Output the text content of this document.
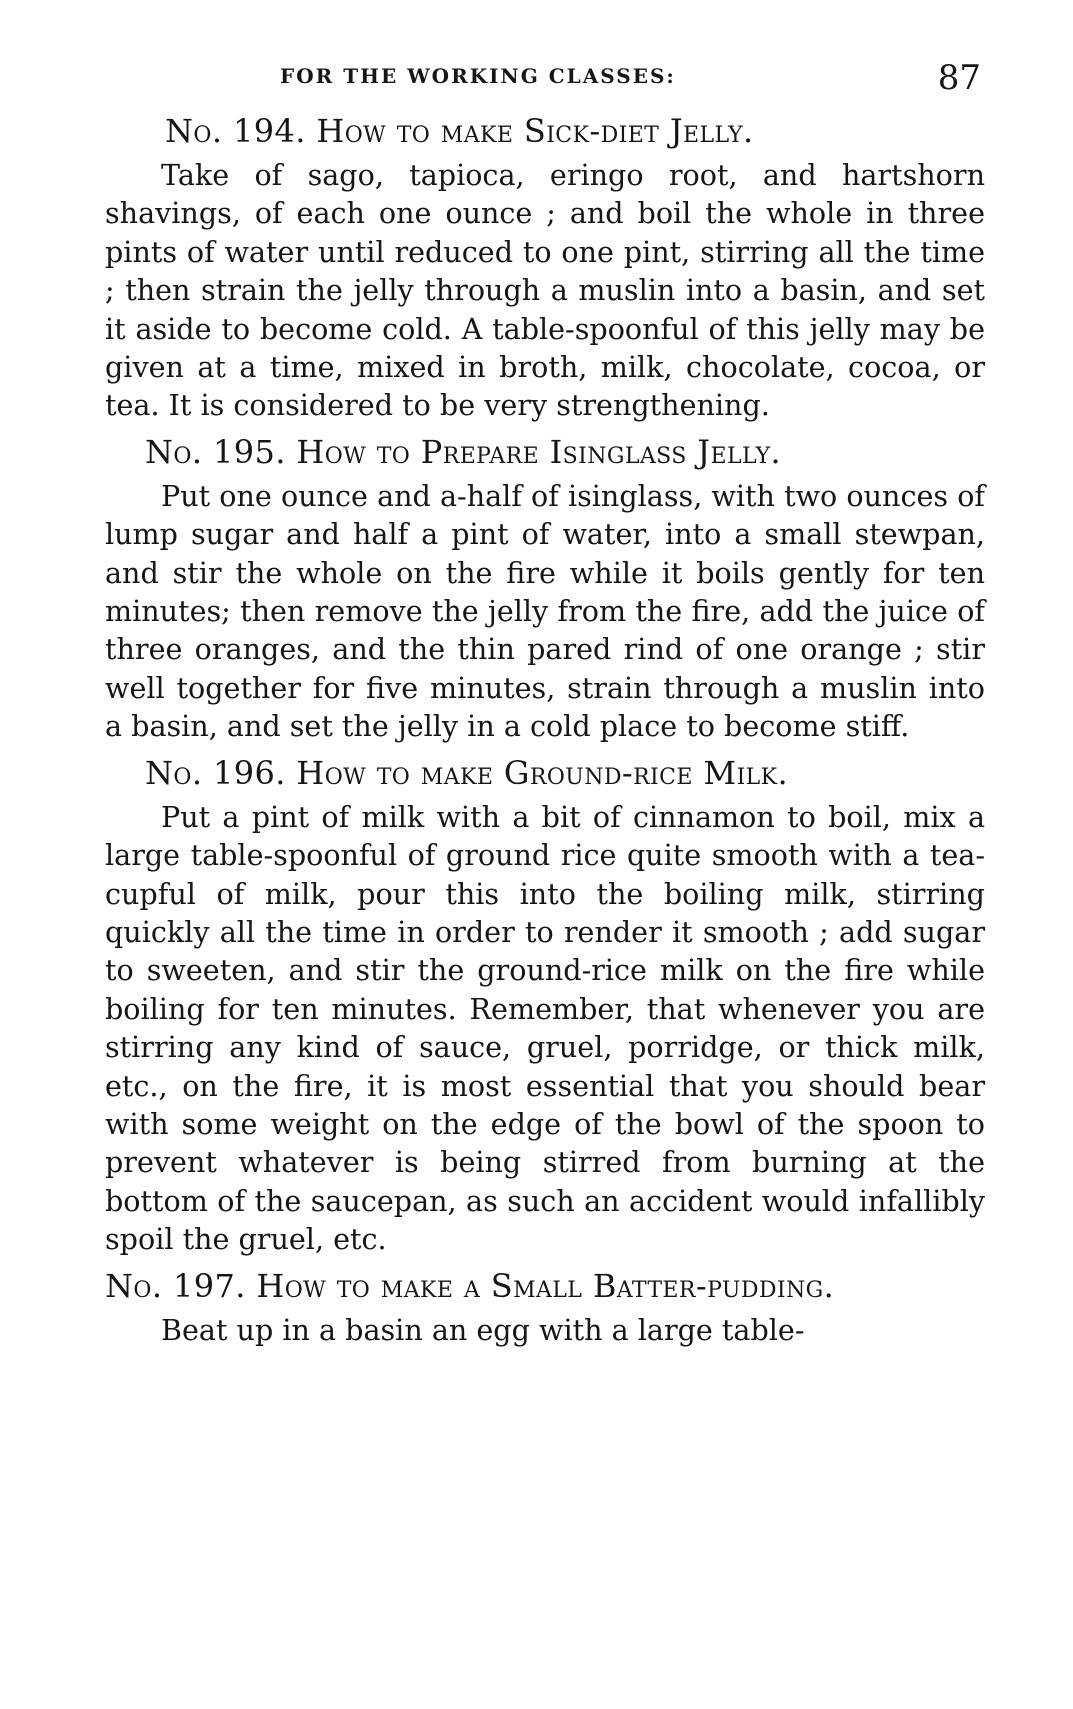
FOR THE WORKING CLASSES:	87
No. 194. How to make Sick-diet Jelly.

Take of sago, tapioca, eringo root, and hartshorn shavings, of each one ounce ; and boil the whole in three pints of water until reduced to one pint, stirring all the time ; then strain the jelly through a muslin into a basin, and set it aside to become cold. A table-spoonful of this jelly may be given at a time, mixed in broth, milk, chocolate, cocoa, or tea. It is considered to be very strengthening.

No. 195. How to Prepare Isinglass Jelly.

Put one ounce and a-half of isinglass, with two ounces of lump sugar and half a pint of water, into a small stewpan, and stir the whole on the fire while it boils gently for ten minutes; then remove the jelly from the fire, add the juice of three oranges, and the thin pared rind of one orange ; stir well together for five minutes, strain through a muslin into a basin, and set the jelly in a cold place to become stiff.

No. 196. How to make Ground-rice Milk.

Put a pint of milk with a bit of cinnamon to boil, mix a large table-spoonful of ground rice quite smooth with a tea-cupful of milk, pour this into the boiling milk, stirring quickly all the time in order to render it smooth ; add sugar to sweeten, and stir the ground-rice milk on the fire while boiling for ten minutes. Remember, that whenever you are stirring any kind of sauce, gruel, porridge, or thick milk, etc., on the fire, it is most essential that you should bear with some weight on the edge of the bowl of the spoon to prevent whatever is being stirred from burning at the bottom of the saucepan, as such an accident would infallibly spoil the gruel, etc.

No. 197. How to make a Small Batter-pudding.

Beat up in a basin an egg with a large table-
